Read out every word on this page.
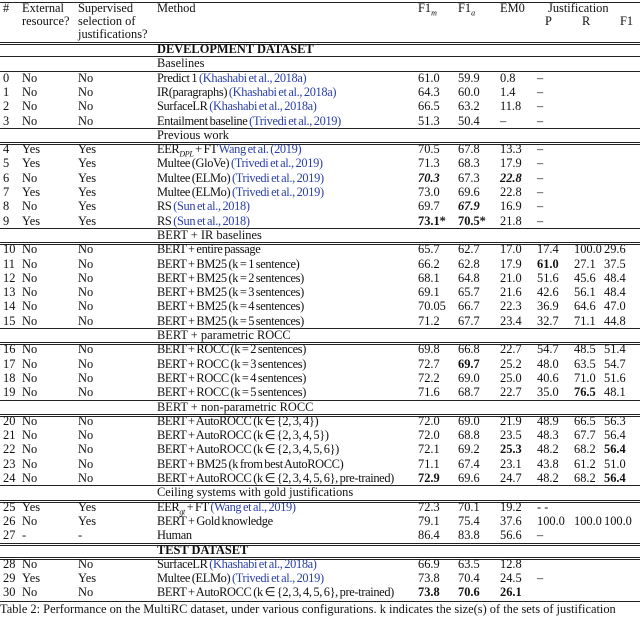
# External
resource?
Supervised
selection of
justifications?
Method	$F1_m$ $F1_a$ EM0 Justification
P R F1
DEVELOPMENT DATASET
Baselines
0 No	No	Predict 1 (Khashabi et al., 2018a)	61.0 59.9 0.8 –
1 No	No	IR(paragraphs) (Khashabi et al., 2018a)	64.3 60.0 1.4 –
2 No	No	SurfaceLR (Khashabi et al., 2018a)	66.5 63.2 11.8 –
3 No	No	Entailment baseline (Trivedi et al., 2019)	51.3 50.4 – –
Previous work
4 Yes	Yes	$EER_{DPL}$ + FT Wang et al. (2019)	70.5 67.8 13.3 –
5 Yes	Yes	Multee (GloVe) (Trivedi et al., 2019)	71.3 68.3 17.9 –
6 No	Yes	Multee (ELMo) (Trivedi et al., 2019)	70.3 67.3 22.8 –
7 Yes	Yes	Multee (ELMo) (Trivedi et al., 2019)	73.0 69.6 22.8 –
8 No	Yes	RS (Sun et al., 2018)	69.7 67.9 16.9 –
9 Yes	Yes	RS (Sun et al., 2018)	73.1* 70.5* 21.8 –
BERT + IR baselines
10 No	No	BERT + entire passage	65.7 62.7 17.0 17.4 100.0 29.6
11 No	No	BERT + BM25 (k = 1 sentence)	66.2 62.8 17.9 61.0 27.1 37.5
12 No	No	BERT + BM25 (k = 2 sentences)	68.1 64.8 21.0 51.6 45.6 48.4
13 No	No	BERT + BM25 (k = 3 sentences)	69.1 65.7 21.6 42.6 56.1 48.4
14 No	No	BERT + BM25 (k = 4 sentences)	70.05 66.7 22.3 36.9 64.6 47.0
15 No	No	BERT + BM25 (k = 5 sentences)	71.2 67.7 23.4 32.7 71.1 44.8
BERT + parametric ROCC
16 No	No	BERT + ROCC (k = 2 sentences)	69.8 66.8 22.7 54.7 48.5 51.4
17 No	No	BERT + ROCC (k = 3 sentences)	72.7 69.7 25.2 48.0 63.5 54.7
18 No	No	BERT + ROCC (k = 4 sentences)	72.2 69.0 25.0 40.6 71.0 51.6
19 No	No	BERT + ROCC (k = 5 sentences)	71.6 68.7 22.7 35.0 76.5 48.1
BERT + non-parametric ROCC
20 No	No	BERT + AutoROCC (k ∈ {2, 3, 4})	72.0 69.0 21.9 48.9 66.5 56.3
21 No	No	BERT + AutoROCC (k ∈ {2, 3, 4, 5})	72.0 68.8 23.5 48.3 67.7 56.4
22 No	No	BERT + AutoROCC (k ∈ {2, 3, 4, 5, 6})	72.1 69.2 25.3 48.2 68.2 56.4
23 No	No	BERT + BM25 (k from best AutoROCC)	71.1 67.4 23.1 43.8 61.2 51.0
24 No	No	BERT + AutoROCC (k ∈ {2, 3, 4, 5, 6}, pre-trained) 72.9 69.6 24.7 48.2 68.2 56.4
Ceiling systems with gold justifications
25 Yes	Yes	$EER_{gt}$ + FT (Wang et al., 2019)	72.3 70.1 19.2 - -
26 No	Yes	BERT + Gold knowledge	79.1 75.4 37.6 100.0 100.0 100.0
27 -	-	Human	86.4 83.8 56.6 –
TEST DATASET
28 No	No	SurfaceLR (Khashabi et al., 2018a)	66.9 63.5 12.8
29 Yes	Yes	Multee (ELMo) (Trivedi et al., 2019)	73.8 70.4 24.5 –
30 No	No	BERT + AutoROCC (k ∈ {2, 3, 4, 5, 6}, pre-trained) 73.8 70.6 26.1
Table 2: Performance on the MultiRC dataset, under various configurations. k indicates the size(s) of the sets of justification
